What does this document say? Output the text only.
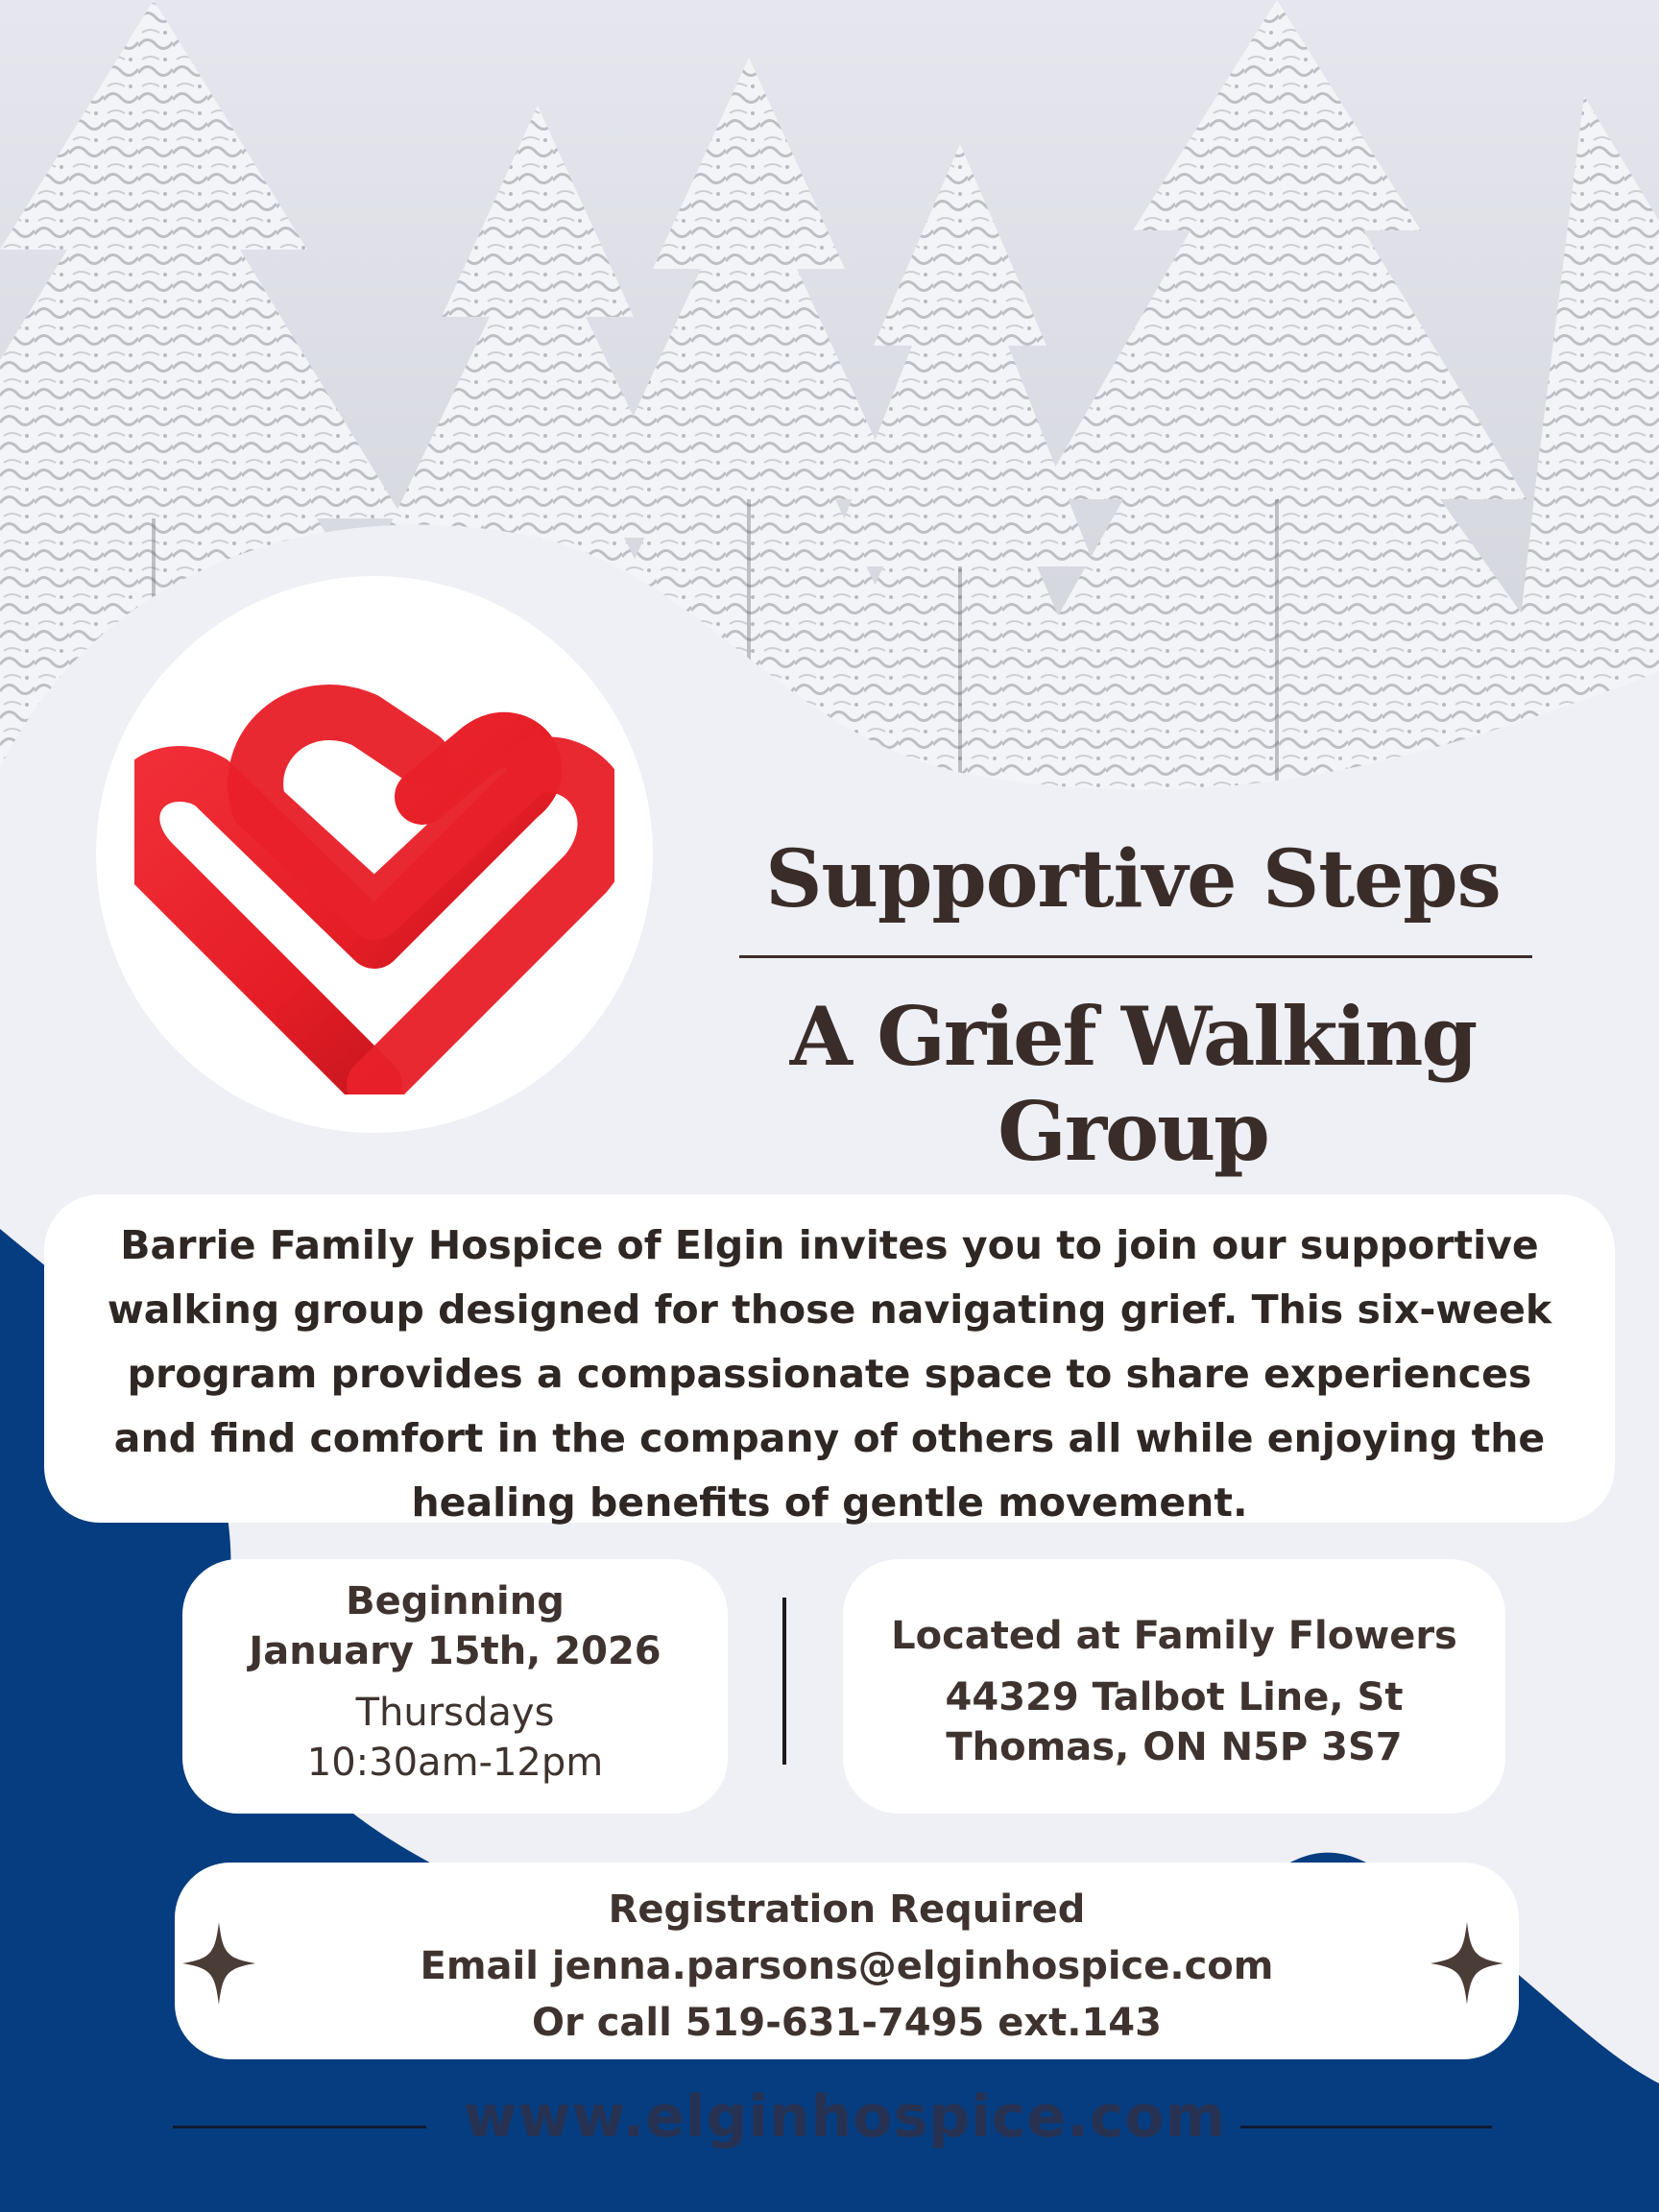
Supportive Steps
A Grief Walking Group
Barrie Family Hospice of Elgin invites you to join our supportive walking group designed for those navigating grief. This six-week program provides a compassionate space to share experiences and find comfort in the company of others all while enjoying the healing benefits of gentle movement.
Beginning
January 15th, 2026
Thursdays
10:30am-12pm
Located at Family Flowers
44329 Talbot Line, St
Thomas, ON N5P 3S7
Registration Required
Email jenna.parsons@elginhospice.com
Or call 519-631-7495 ext.143
www.elginhospice.com
